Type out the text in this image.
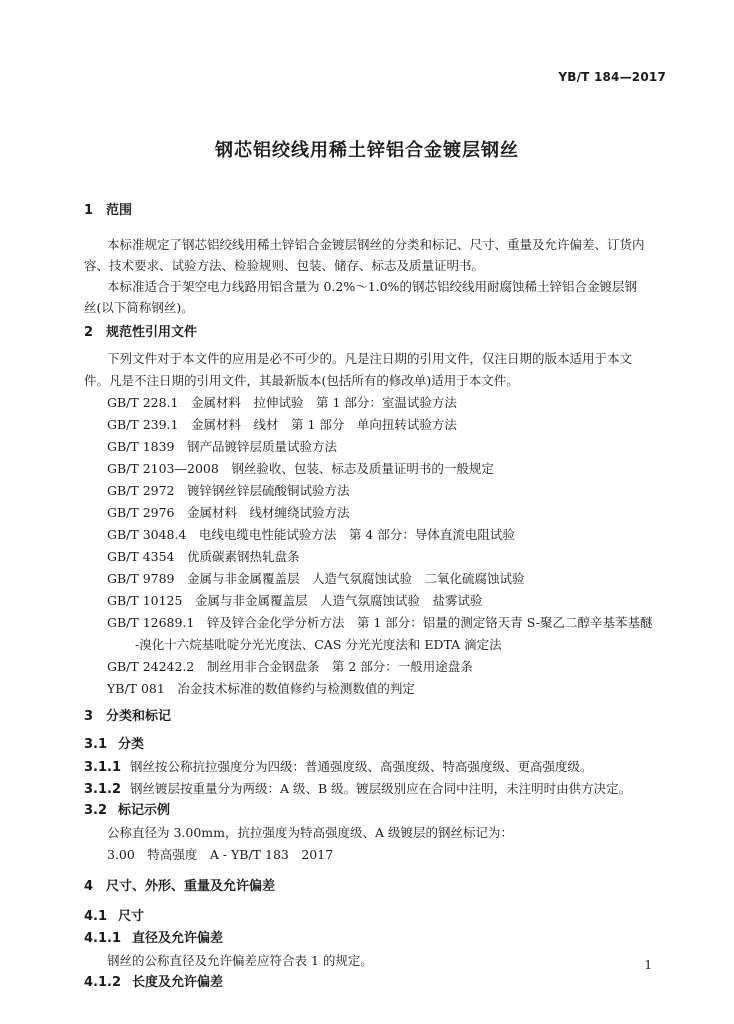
YB/T 184—2017
钢芯铝绞线用稀土锌铝合金镀层钢丝
1 范围
本标准规定了钢芯铝绞线用稀土锌铝合金镀层钢丝的分类和标记、尺寸、重量及允许偏差、订货内
容、技术要求、试验方法、检验规则、包装、储存、标志及质量证明书。
本标准适合于架空电力线路用铝含量为 0.2%～1.0%的钢芯铝绞线用耐腐蚀稀土锌铝合金镀层钢
丝(以下简称钢丝)。
2 规范性引用文件
下列文件对于本文件的应用是必不可少的。凡是注日期的引用文件，仅注日期的版本适用于本文
件。凡是不注日期的引用文件，其最新版本(包括所有的修改单)适用于本文件。
GB/T 228.1　金属材料　拉伸试验　第 1 部分：室温试验方法
GB/T 239.1　金属材料　线材　第 1 部分　单向扭转试验方法
GB/T 1839　钢产品镀锌层质量试验方法
GB/T 2103—2008　钢丝验收、包装、标志及质量证明书的一般规定
GB/T 2972　镀锌钢丝锌层硫酸铜试验方法
GB/T 2976　金属材料　线材缠绕试验方法
GB/T 3048.4　电线电缆电性能试验方法　第 4 部分：导体直流电阻试验
GB/T 4354　优质碳素钢热轧盘条
GB/T 9789　金属与非金属覆盖层　人造气氛腐蚀试验　二氧化硫腐蚀试验
GB/T 10125　金属与非金属覆盖层　人造气氛腐蚀试验　盐雾试验
GB/T 12689.1　锌及锌合金化学分析方法　第 1 部分：铝量的测定铬天青 S-聚乙二醇辛基苯基醚
-溴化十六烷基吡啶分光光度法、CAS 分光光度法和 EDTA 滴定法
GB/T 24242.2　制丝用非合金钢盘条　第 2 部分：一般用途盘条
YB/T 081　冶金技术标准的数值修约与检测数值的判定
3 分类和标记
3.1 分类
3.1.1 钢丝按公称抗拉强度分为四级：普通强度级、高强度级、特高强度级、更高强度级。
3.1.2 钢丝镀层按重量分为两级：A 级、B 级。镀层级别应在合同中注明，未注明时由供方决定。
3.2 标记示例
公称直径为 3.00mm，抗拉强度为特高强度级、A 级镀层的钢丝标记为：
3.00　特高强度　A - YB/T 183　2017
4 尺寸、外形、重量及允许偏差
4.1 尺寸
4.1.1 直径及允许偏差
钢丝的公称直径及允许偏差应符合表 1 的规定。
4.1.2 长度及允许偏差
1
